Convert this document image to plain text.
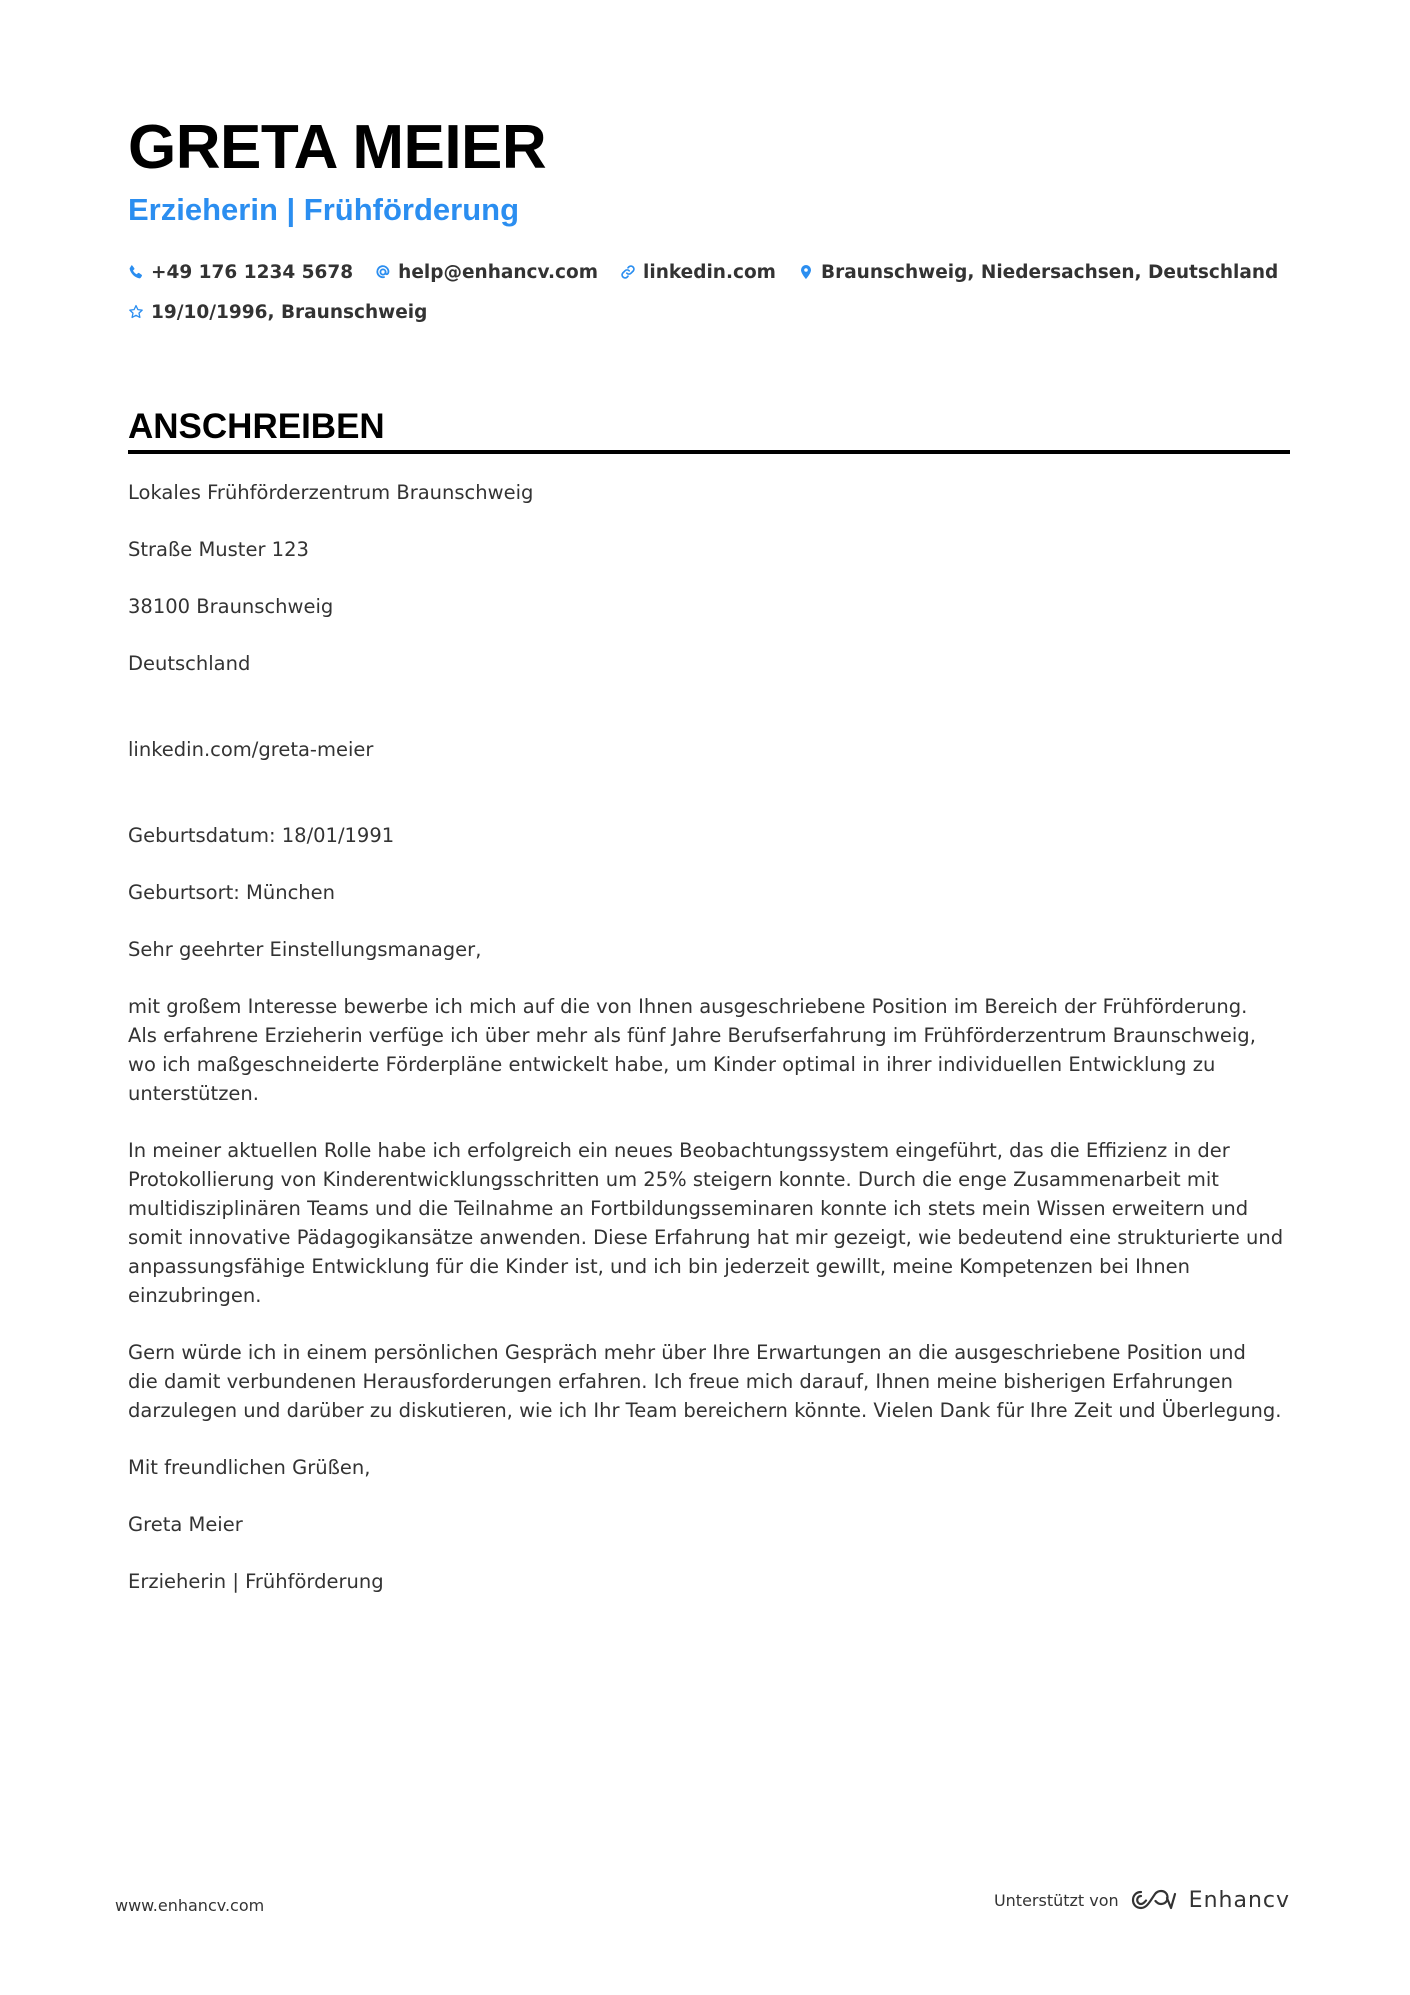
GRETA MEIER
Erzieherin | Frühförderung
+49 176 1234 5678 help@enhancv.com linkedin.com Braunschweig, Niedersachsen, Deutschland
19/10/1996, Braunschweig
ANSCHREIBEN

Lokales Frühförderzentrum Braunschweig

Straße Muster 123

38100 Braunschweig

Deutschland

linkedin.com/greta-meier

Geburtsdatum: 18/01/1991

Geburtsort: München

Sehr geehrter Einstellungsmanager,

mit großem Interesse bewerbe ich mich auf die von Ihnen ausgeschriebene Position im Bereich der Frühförderung.
Als erfahrene Erzieherin verfüge ich über mehr als fünf Jahre Berufserfahrung im Frühförderzentrum Braunschweig,
wo ich maßgeschneiderte Förderpläne entwickelt habe, um Kinder optimal in ihrer individuellen Entwicklung zu
unterstützen.

In meiner aktuellen Rolle habe ich erfolgreich ein neues Beobachtungssystem eingeführt, das die Effizienz in der
Protokollierung von Kinderentwicklungsschritten um 25% steigern konnte. Durch die enge Zusammenarbeit mit
multidisziplinären Teams und die Teilnahme an Fortbildungsseminaren konnte ich stets mein Wissen erweitern und
somit innovative Pädagogikansätze anwenden. Diese Erfahrung hat mir gezeigt, wie bedeutend eine strukturierte und
anpassungsfähige Entwicklung für die Kinder ist, und ich bin jederzeit gewillt, meine Kompetenzen bei Ihnen
einzubringen.

Gern würde ich in einem persönlichen Gespräch mehr über Ihre Erwartungen an die ausgeschriebene Position und
die damit verbundenen Herausforderungen erfahren. Ich freue mich darauf, Ihnen meine bisherigen Erfahrungen
darzulegen und darüber zu diskutieren, wie ich Ihr Team bereichern könnte. Vielen Dank für Ihre Zeit und Überlegung.

Mit freundlichen Grüßen,

Greta Meier

Erzieherin | Frühförderung

www.enhancv.com	Unterstützt von	Enhancv
